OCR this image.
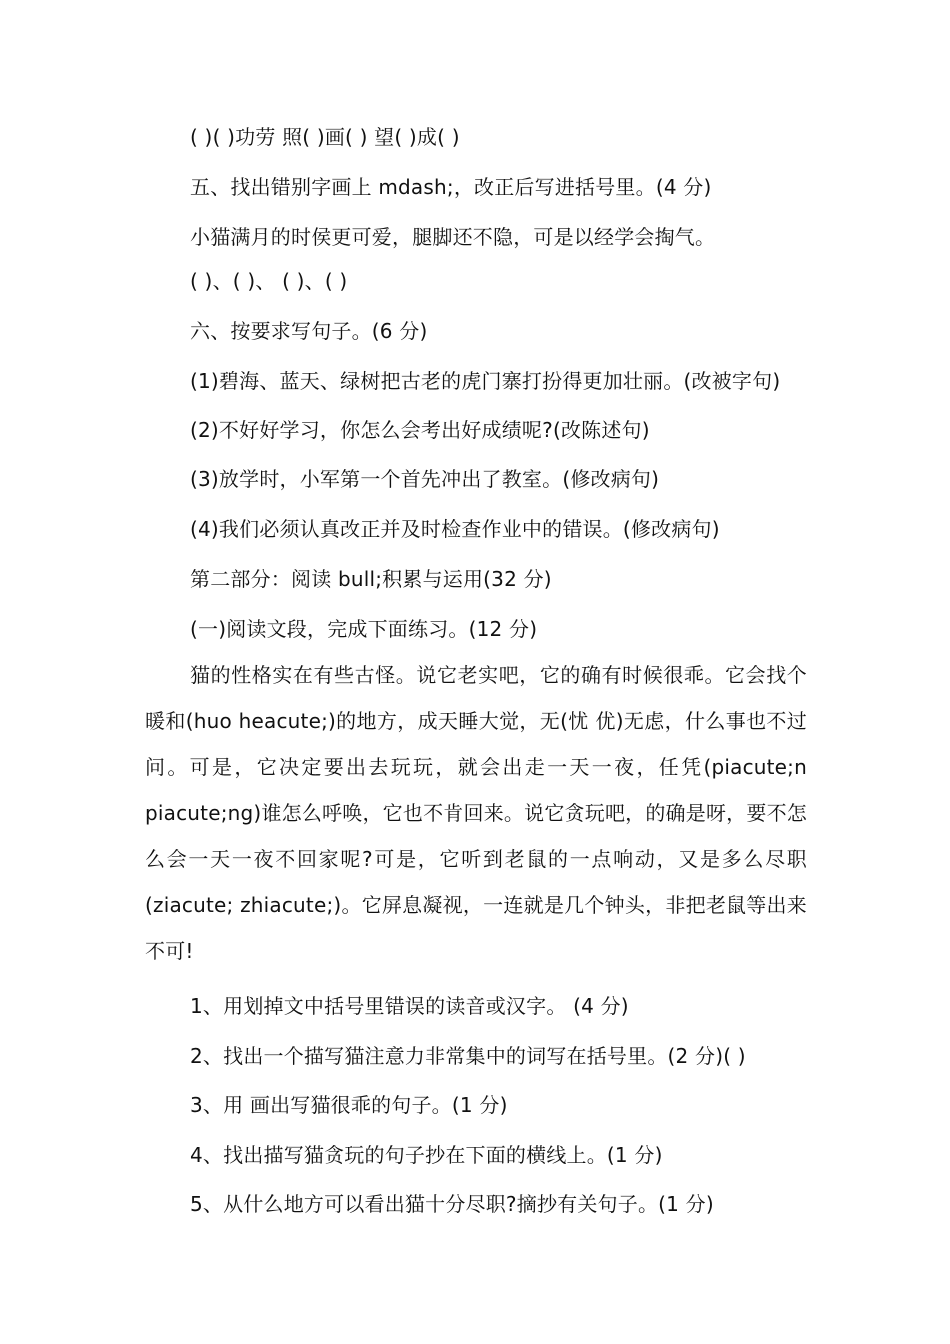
( )( )功劳 照( )画( ) 望( )成( )
五、找出错别字画上 mdash;，改正后写进括号里。(4 分)
小猫满月的时侯更可爱，腿脚还不隐，可是以经学会掏气。
( )、( )、 ( )、( )
六、按要求写句子。(6 分)
(1)碧海、蓝天、绿树把古老的虎门寨打扮得更加壮丽。(改被字句)
(2)不好好学习，你怎么会考出好成绩呢?(改陈述句)
(3)放学时，小军第一个首先冲出了教室。(修改病句)
(4)我们必须认真改正并及时检查作业中的错误。(修改病句)
第二部分：阅读 bull;积累与运用(32 分)
(一)阅读文段，完成下面练习。(12 分)
猫的性格实在有些古怪。说它老实吧，它的确有时候很乖。它会找个暖和(huo heacute;)的地方，成天睡大觉，无(忧 优)无虑，什么事也不过问。可是，它决定要出去玩玩，就会出走一天一夜，任凭(piacute;n piacute;ng)谁怎么呼唤，它也不肯回来。说它贪玩吧，的确是呀，要不怎么会一天一夜不回家呢?可是，它听到老鼠的一点响动，又是多么尽职(ziacute; zhiacute;)。它屏息凝视，一连就是几个钟头，非把老鼠等出来不可!
1、用划掉文中括号里错误的读音或汉字。 (4 分)
2、找出一个描写猫注意力非常集中的词写在括号里。(2 分)( )
3、用 画出写猫很乖的句子。(1 分)
4、找出描写猫贪玩的句子抄在下面的横线上。(1 分)
5、从什么地方可以看出猫十分尽职?摘抄有关句子。(1 分)
